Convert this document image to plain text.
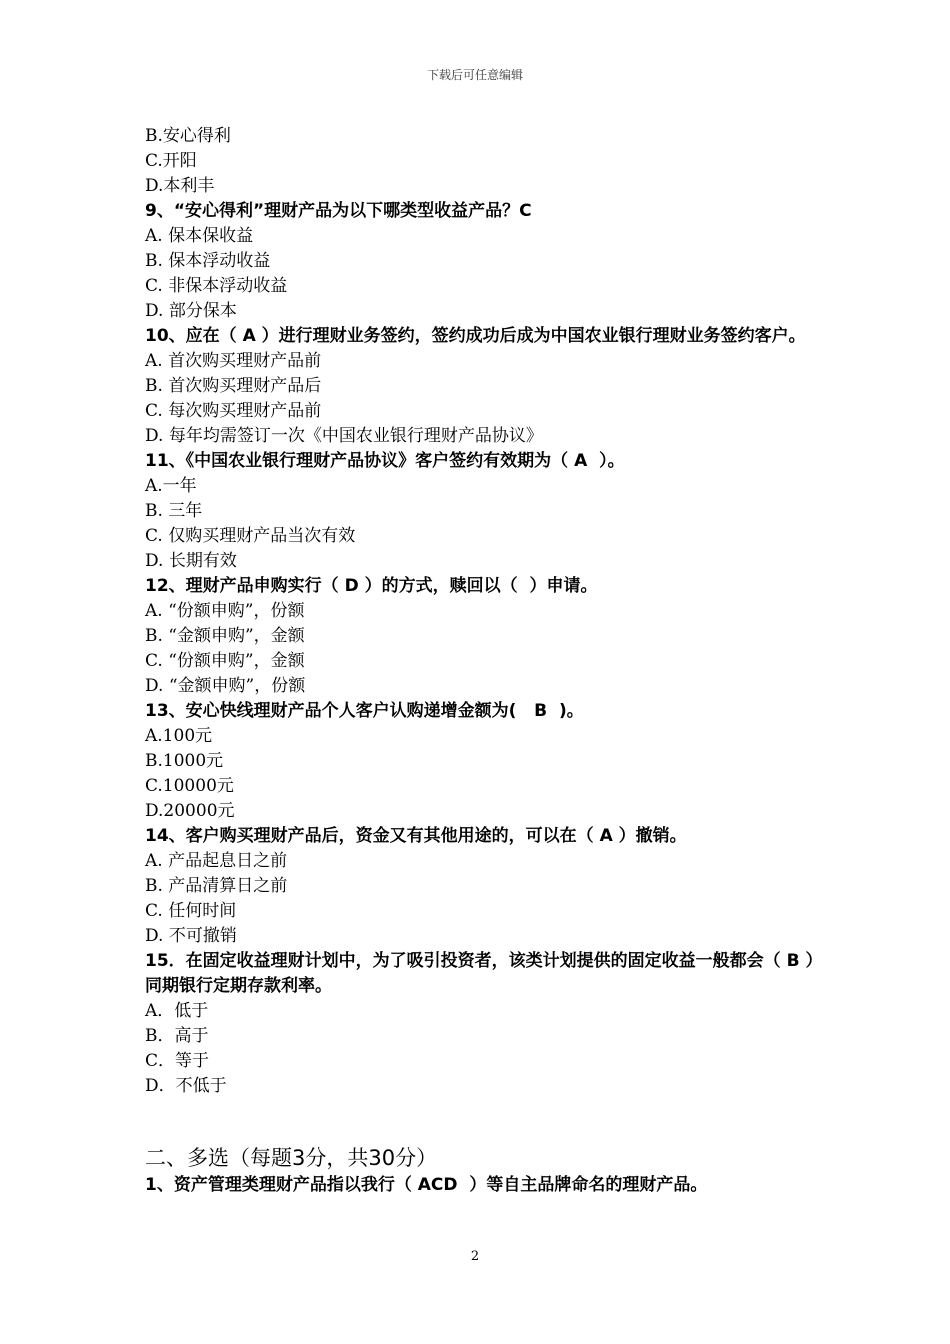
下载后可任意编辑
B.安心得利
C.开阳
D.本利丰
9、“安心得利”理财产品为以下哪类型收益产品？C
A. 保本保收益
B. 保本浮动收益
C. 非保本浮动收益
D. 部分保本
10、应在（ A ）进行理财业务签约，签约成功后成为中国农业银行理财业务签约客户。
A. 首次购买理财产品前
B. 首次购买理财产品后
C. 每次购买理财产品前
D. 每年均需签订一次《中国农业银行理财产品协议》
11、《中国农业银行理财产品协议》客户签约有效期为（ A  ）。
A.一年
B. 三年
C. 仅购买理财产品当次有效
D. 长期有效
12、理财产品申购实行（ D ）的方式，赎回以（  ）申请。
A. “份额申购”，份额
B. “金额申购”，金额
C. “份额申购”，金额
D. “金额申购”，份额
13、安心快线理财产品个人客户认购递增金额为(   B  )。
A.100元
B.1000元
C.10000元
D.20000元
14、客户购买理财产品后，资金又有其他用途的，可以在（ A ）撤销。
A. 产品起息日之前
B. 产品清算日之前
C. 任何时间
D. 不可撤销
15．在固定收益理财计划中，为了吸引投资者，该类计划提供的固定收益一般都会（ B ）同期银行定期存款利率。
A．低于
B．高于
C．等于
D．不低于
二、多选（每题3分，共30分）
1、资产管理类理财产品指以我行（ ACD  ）等自主品牌命名的理财产品。
2
